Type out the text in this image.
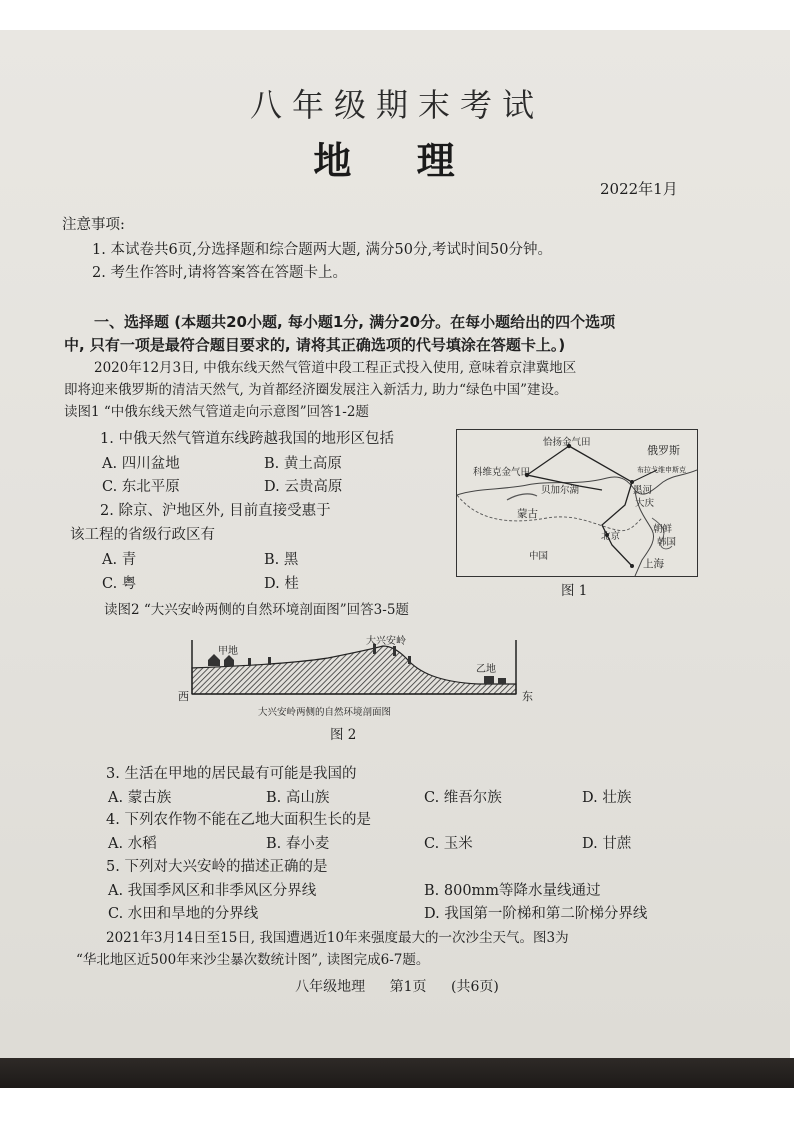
八年级期末考试
地 理
2022年1月
注意事项:
1. 本试卷共6页,分选择题和综合题两大题, 满分50分,考试时间50分钟。
2. 考生作答时,请将答案答在答题卡上。
一、选择题 (本题共20小题, 每小题1分, 满分20分。在每小题给出的四个选项
中, 只有一项是最符合题目要求的, 请将其正确选项的代号填涂在答题卡上。)
2020年12月3日, 中俄东线天然气管道中段工程正式投入使用, 意味着京津冀地区
即将迎来俄罗斯的清洁天然气, 为首都经济圈发展注入新活力, 助力“绿色中国”建设。
读图1 “中俄东线天然气管道走向示意图”回答1-2题
1. 中俄天然气管道东线跨越我国的地形区包括
A. 四川盆地	B. 黄土高原
C. 东北平原	D. 云贵高原
2. 除京、沪地区外, 目前直接受惠于
该工程的省级行政区有
A. 青	B. 黑
C. 粤	D. 桂
恰扬金气田
俄罗斯
科维克金气田	布拉戈维申斯克
贝加尔湖	黑河
大庆
蒙古
朝鲜
韩国
北京
中国
上海
图 1
读图2 “大兴安岭两侧的自然环境剖面图”回答3-5题
甲地
大兴安岭
乙地
西	东
大兴安岭两侧的自然环境剖面图
图 2
3. 生活在甲地的居民最有可能是我国的
A. 蒙古族	B. 高山族	C. 维吾尔族	D. 壮族
4. 下列农作物不能在乙地大面积生长的是
A. 水稻	B. 春小麦	C. 玉米	D. 甘蔗
5. 下列对大兴安岭的描述正确的是
A. 我国季风区和非季风区分界线	B. 800mm等降水量线通过
C. 水田和旱地的分界线	D. 我国第一阶梯和第二阶梯分界线
2021年3月14日至15日, 我国遭遇近10年来强度最大的一次沙尘天气。图3为
“华北地区近500年来沙尘暴次数统计图”, 读图完成6-7题。
八年级地理 第1页 (共6页)
